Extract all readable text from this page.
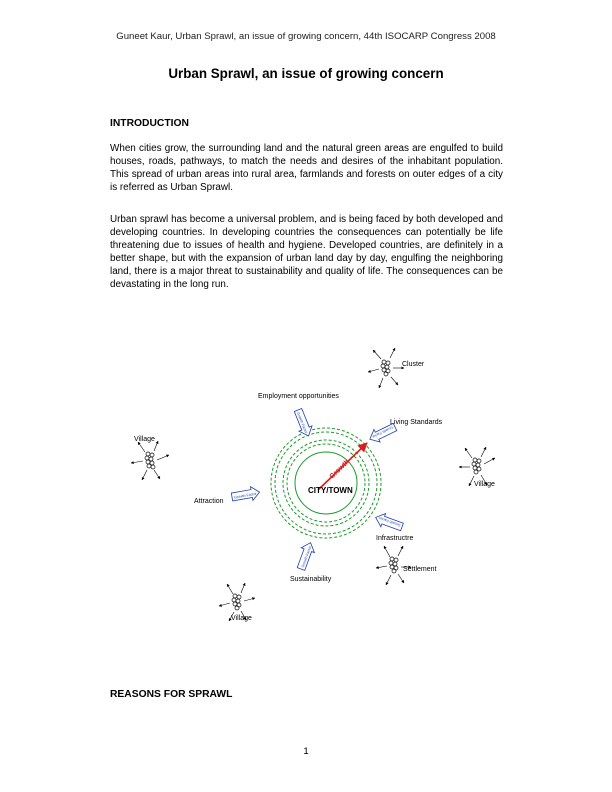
Guneet Kaur, Urban Sprawl, an issue of growing concern, 44th ISOCARP Congress 2008
Urban Sprawl, an issue of growing concern
INTRODUCTION

When cities grow, the surrounding land and the natural green areas are engulfed to build houses, roads, pathways, to match the needs and desires of the inhabitant population. This spread of urban areas into rural area, farmlands and forests on outer edges of a city is referred as Urban Sprawl.

Urban sprawl has become a universal problem, and is being faced by both developed and developing countries. In developing countries the consequences can potentially be life threatening due to issues of health and hygiene. Developed countries, are definitely in a better shape, but with the expansion of urban land day by day, engulfing the neighboring land, there is a major threat to sustainability and quality of life. The consequences can be devastating in the long run.

Growth
CITY/TOWN
Growth Factor
Employment opportunities
Growth Factor
Living Standards
Growth Factor
Attraction
Growth Factor
Infrastructre
Growth Factor
Sustainability
Cluster
Village
Village
Settlement
Village
REASONS FOR SPRAWL
1
